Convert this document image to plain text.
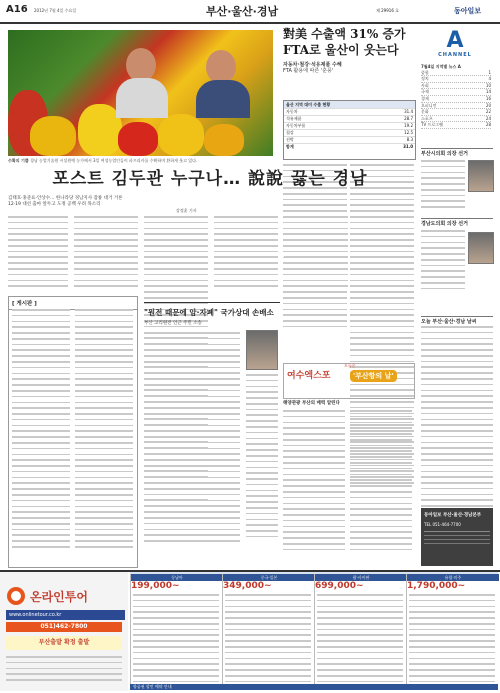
A16 2012년 7월 4일 수요일	부산·울산·경남	제 29916 호	동아일보
수확의 기쁨 경남 농업기술원 시설원예 농가에서 3일 여성농업인들이 파프리카를 수확하며 환하게 웃고 있다.
對美 수출액 31% 증가
FTA로 울산이 웃는다
자동차·철강·석유제품 수혜
FTA 활용에 따른 '훈풍'
울산 지역 대미 수출 현황
자동차	31.4
석유제품	28.7
자동차부품	19.2
철강	12.5
선박	8.3
합계	31.0
A
CHANNEL
7월4일 지역별 뉴스 A
종합	1
정치	4
사회	10
국제	14
경제	16
오피니언	20
문화	22
스포츠	24
TV 프로그램	28
부산시의회 의장 선거
경남도의회 의장 선거
오늘 부산·울산·경남 날씨
동아일보 부산·울산·경남본부
TEL 051-464-7700
포스트 김두관 누구나… 說說 끓는 경남
김태호·홍준표·안상수… 한나라당 경남지사 잠룡 대거 거론
12·19 대선 출마 앞두고 도정 공백 우려 목소리
강정훈 기자
[ 게시판 ]
"원전 때문에 암·자폐" 국가상대 손배소
부산 고리원전 인근 주민 소송
오늘은
여수엑스포	'부산항의 날'
해양관광 부산의 매력 알린다
온라인투어
www.onlinetour.co.kr
051)462-7800
부산출발 확정 출발
동남아
199,000~
중국·일본
349,000~
괌·사이판
699,000~
유럽·미주
1,790,000~
항공권 할인 예약 안내
